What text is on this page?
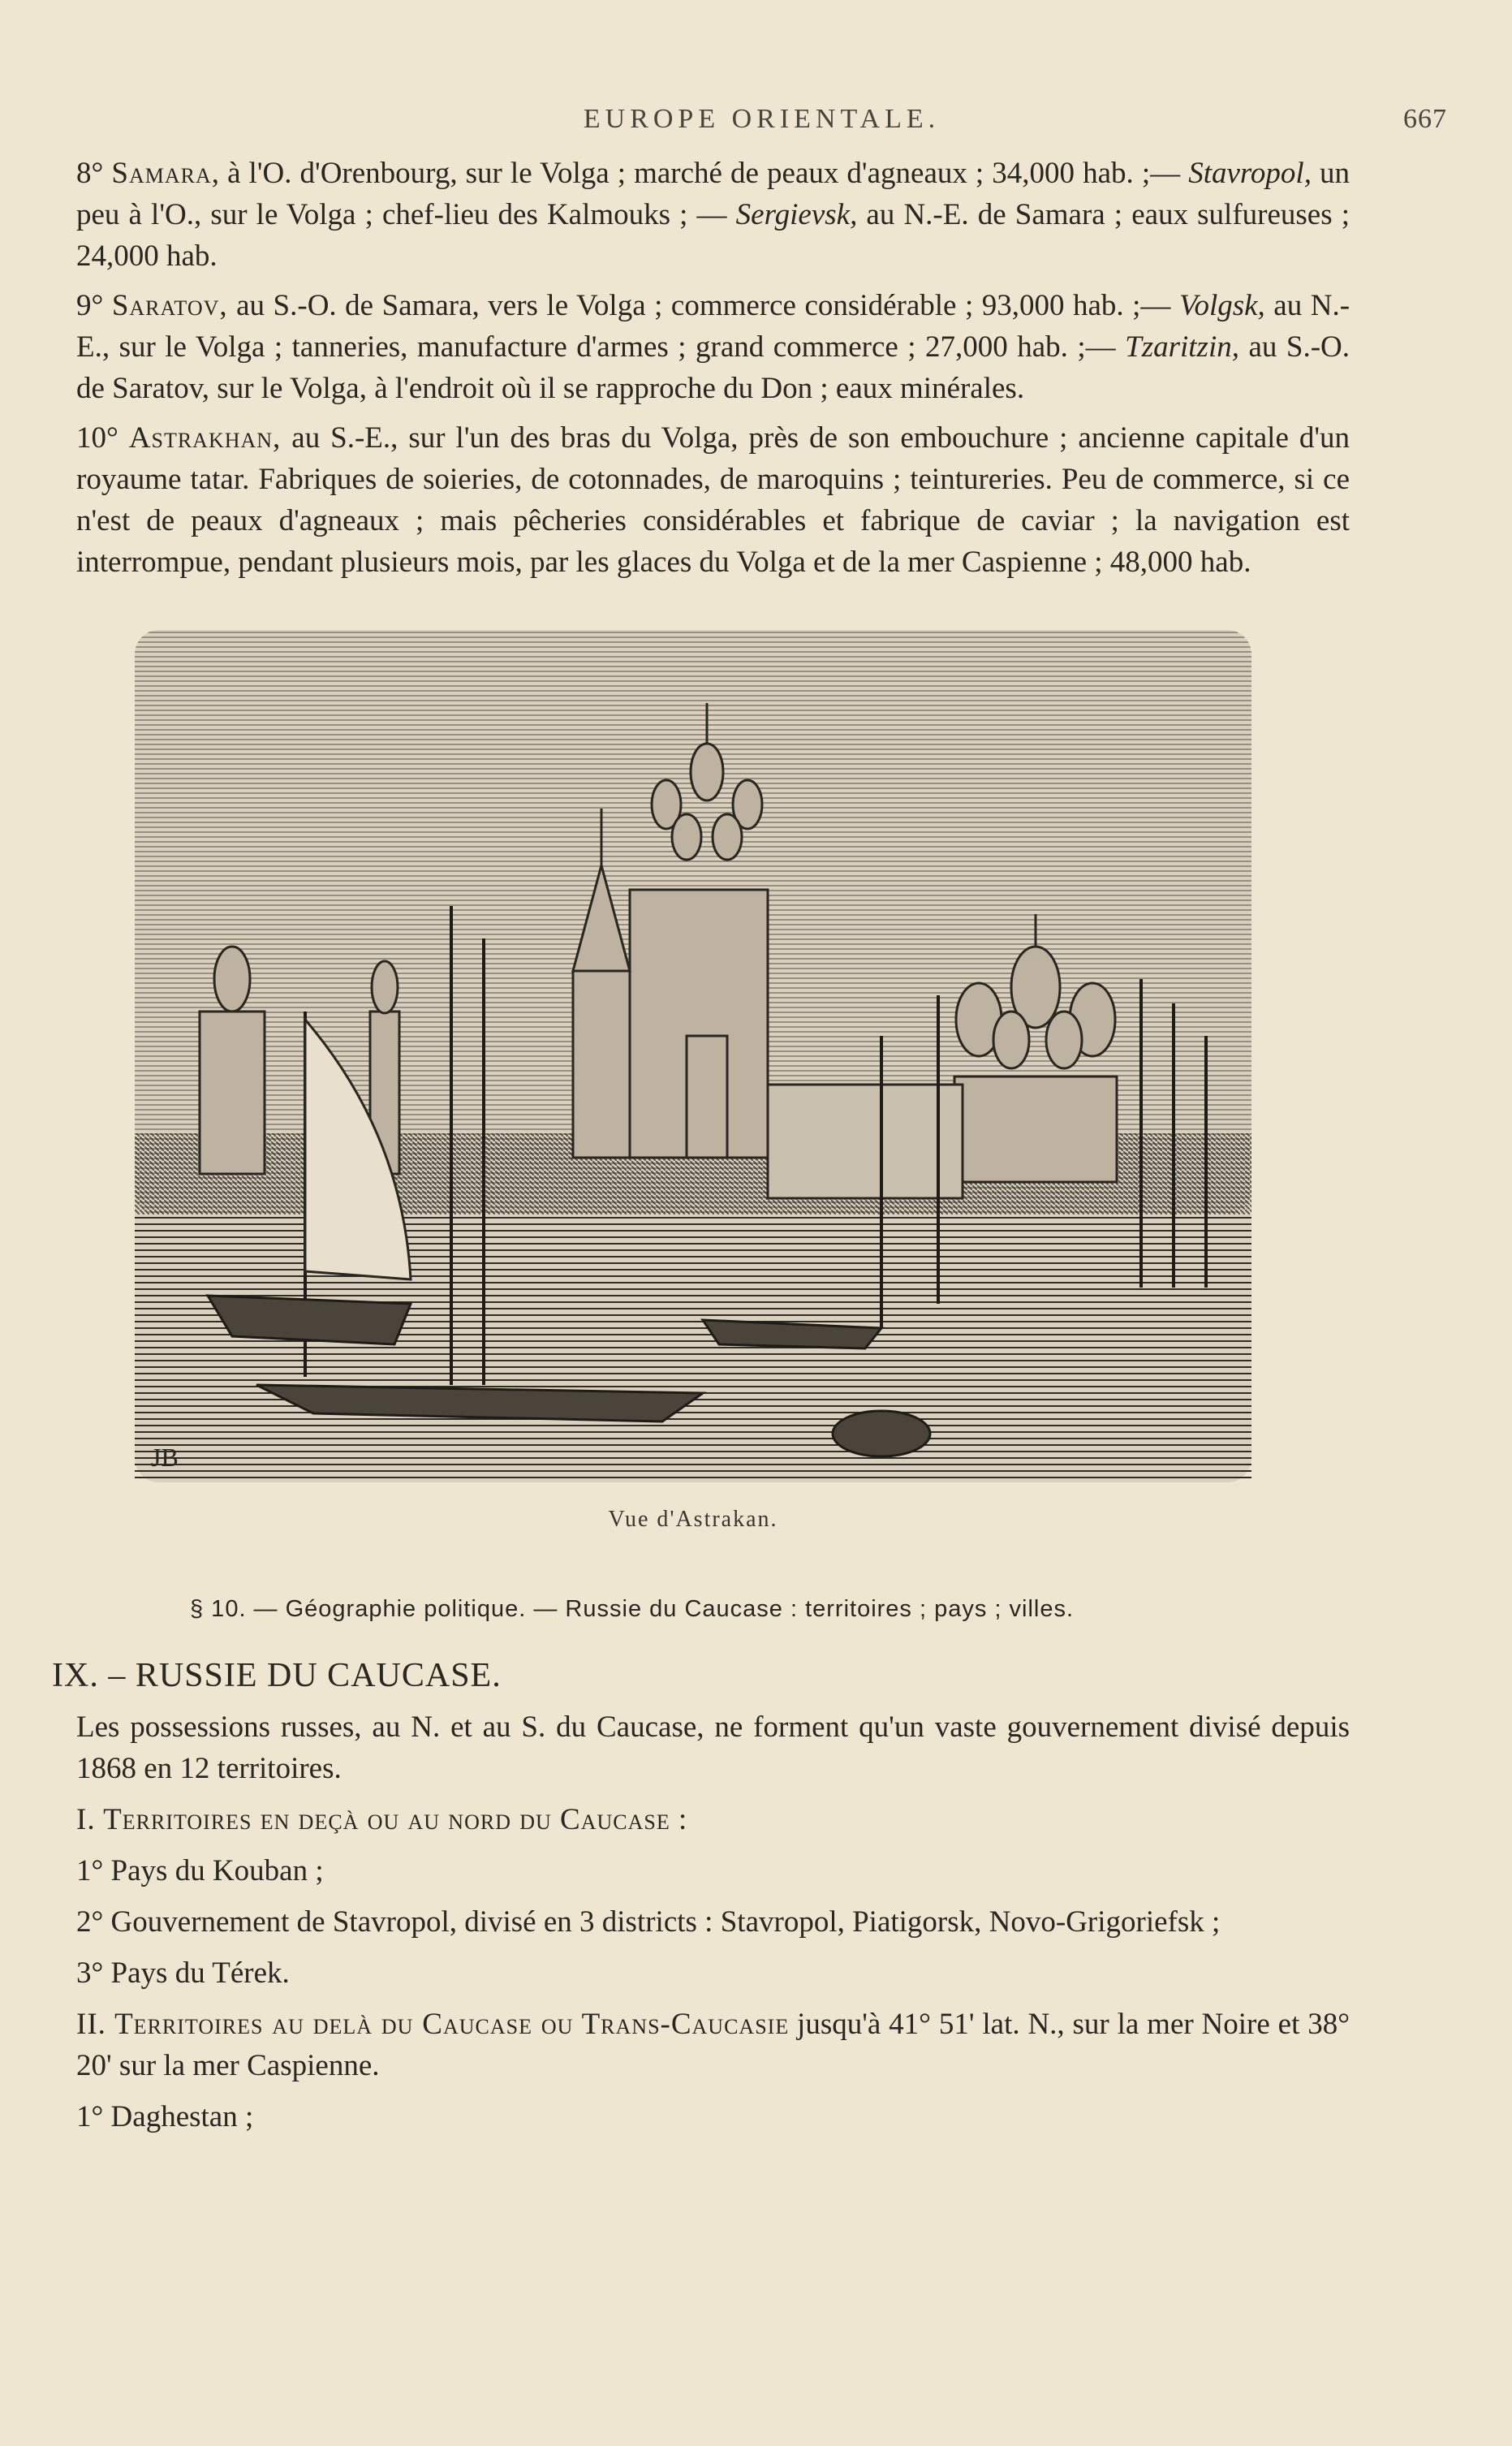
EUROPE ORIENTALE.	667

8° Samara, à l'O. d'Orenbourg, sur le Volga ; marché de peaux d'agneaux ; 34,000 hab. ;— Stavropol, un peu à l'O., sur le Volga ; chef-lieu des Kalmouks ; — Sergievsk, au N.-E. de Samara ; eaux sulfureuses ; 24,000 hab.

9° Saratov, au S.-O. de Samara, vers le Volga ; commerce considérable ; 93,000 hab. ;— Volgsk, au N.-E., sur le Volga ; tanneries, manufacture d'armes ; grand commerce ; 27,000 hab. ;— Tzaritzin, au S.-O. de Saratov, sur le Volga, à l'endroit où il se rapproche du Don ; eaux minérales.

10° Astrakhan, au S.-E., sur l'un des bras du Volga, près de son embouchure ; ancienne capitale d'un royaume tatar. Fabriques de soieries, de cotonnades, de maroquins ; teintureries. Peu de commerce, si ce n'est de peaux d'agneaux ; mais pêcheries considérables et fabrique de caviar ; la navigation est interrompue, pendant plusieurs mois, par les glaces du Volga et de la mer Caspienne ; 48,000 hab.

JB
Vue d'Astrakan.
§ 10. — Géographie politique. — Russie du Caucase : territoires ; pays ; villes.

IX. – RUSSIE DU CAUCASE.

Les possessions russes, au N. et au S. du Caucase, ne forment qu'un vaste gouvernement divisé depuis 1868 en 12 territoires.

I. Territoires en deçà ou au nord du Caucase :

1° Pays du Kouban ;

2° Gouvernement de Stavropol, divisé en 3 districts : Stavropol, Piatigorsk, Novo-Grigoriefsk ;

3° Pays du Térek.

II. Territoires au delà du Caucase ou Trans-Caucasie jusqu'à 41° 51' lat. N., sur la mer Noire et 38° 20' sur la mer Caspienne.

1° Daghestan ;
